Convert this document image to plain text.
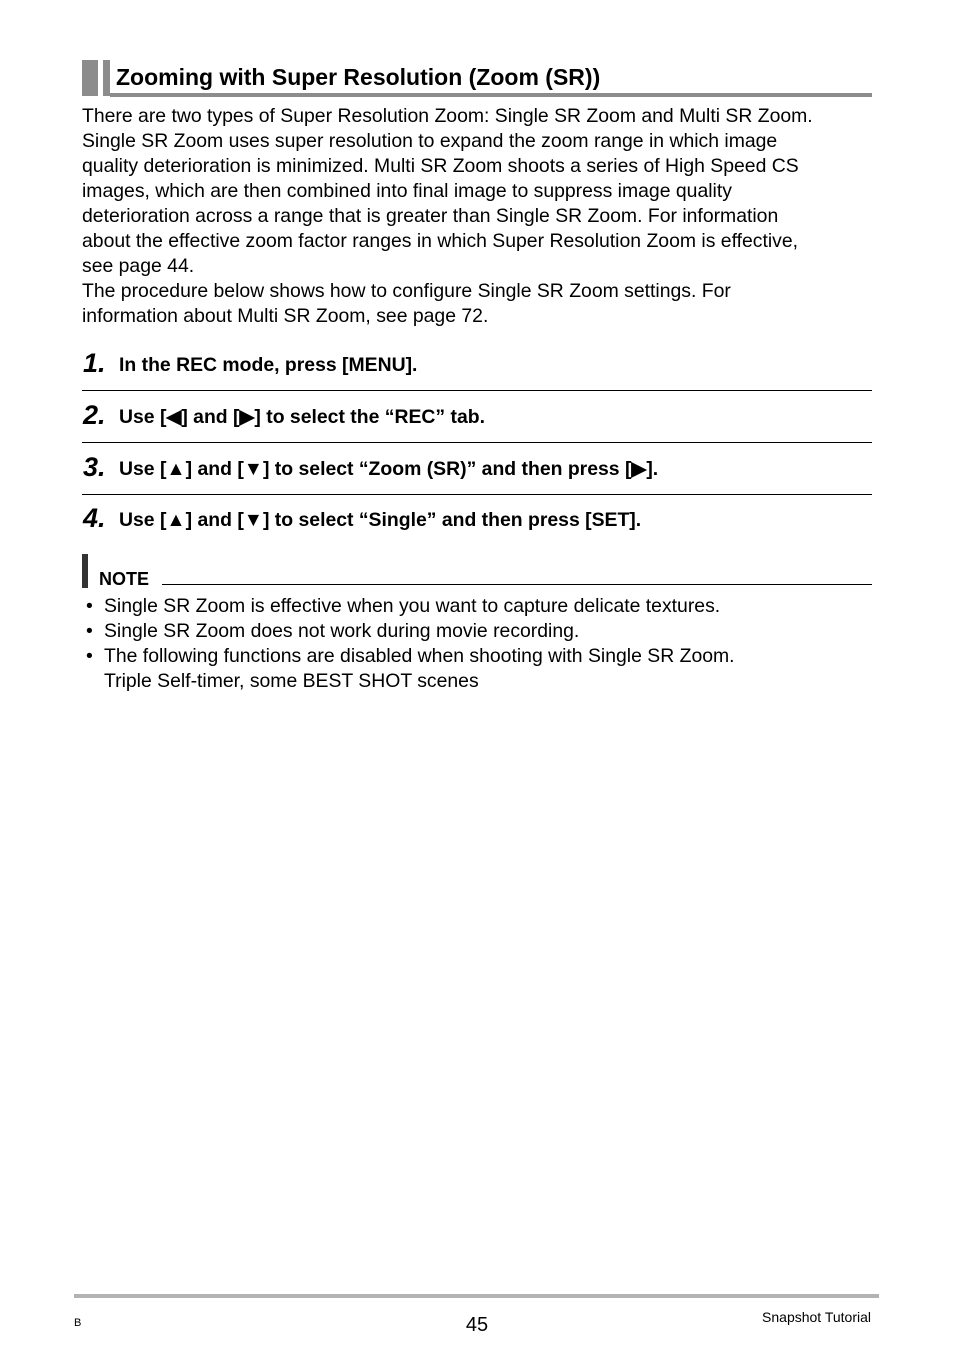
Zooming with Super Resolution (Zoom (SR))

There are two types of Super Resolution Zoom: Single SR Zoom and Multi SR Zoom.

Single SR Zoom uses super resolution to expand the zoom range in which image

quality deterioration is minimized. Multi SR Zoom shoots a series of High Speed CS

images, which are then combined into final image to suppress image quality

deterioration across a range that is greater than Single SR Zoom. For information

about the effective zoom factor ranges in which Super Resolution Zoom is effective,

see page 44.

The procedure below shows how to configure Single SR Zoom settings. For

information about Multi SR Zoom, see page 72.

1. In the REC mode, press [MENU].
2. Use [◀] and [▶] to select the “REC” tab.
3. Use [▲] and [▼] to select “Zoom (SR)” and then press [▶].
4. Use [▲] and [▼] to select “Single” and then press [SET].
NOTE
• Single SR Zoom is effective when you want to capture delicate textures.
• Single SR Zoom does not work during movie recording.
• The following functions are disabled when shooting with Single SR Zoom.
Triple Self-timer, some BEST SHOT scenes
B	45	Snapshot Tutorial
